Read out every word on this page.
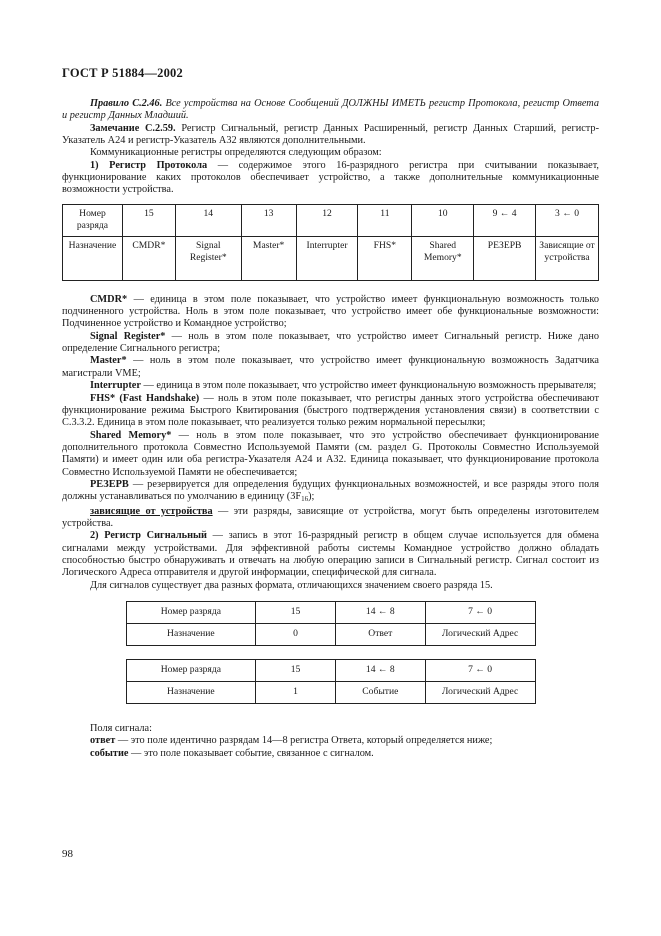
ГОСТ Р 51884—2002

Правило С.2.46. Все устройства на Основе Сообщений ДОЛЖНЫ ИМЕТЬ регистр Протокола, регистр Ответа и регистр Данных Младший.

Замечание С.2.59. Регистр Сигнальный, регистр Данных Расширенный, регистр Данных Старший, регистр-Указатель А24 и регистр-Указатель А32 являются дополнительными.

Коммуникационные регистры определяются следующим образом:

1) Регистр Протокола — содержимое этого 16-разрядного регистра при считывании показывает, функционирование каких протоколов обеспечивает устройство, а также дополнительные коммуникационные возможности устройства.

Номер разряда	15	14	13	12	11	10	9 ← 4	3 ← 0
Назначение	CMDR*	Signal Register*	Master*	Interrupter	FHS*	Shared Memory*	РЕЗЕРВ	Зависящие от устройства

CMDR* — единица в этом поле показывает, что устройство имеет функциональную возможность только подчиненного устройства. Ноль в этом поле показывает, что устройство имеет обе функциональные возможности: Подчиненное устройство и Командное устройство;

Signal Register* — ноль в этом поле показывает, что устройство имеет Сигнальный регистр. Ниже дано определение Сигнального регистра;

Master* — ноль в этом поле показывает, что устройство имеет функциональную возможность Задатчика магистрали VME;

Interrupter — единица в этом поле показывает, что устройство имеет функциональную возможность прерывателя;

FHS* (Fast Handshake) — ноль в этом поле показывает, что регистры данных этого устройства обеспечивают функционирование режима Быстрого Квитирования (быстрого подтверждения установления связи) в соответствии с С.3.3.2. Единица в этом поле показывает, что реализуется только режим нормальной пересылки;

Shared Memory* — ноль в этом поле показывает, что это устройство обеспечивает функционирование дополнительного протокола Совместно Используемой Памяти (см. раздел G. Протоколы Совместно Используемой Памяти) и имеет один или оба регистра-Указателя А24 и А32. Единица показывает, что функционирование протокола Совместно Используемой Памяти не обеспечивается;

РЕЗЕРВ — резервируется для определения будущих функциональных возможностей, и все разряды этого поля должны устанавливаться по умолчанию в единицу $(3F_{16})$;

зависящие от устройства — эти разряды, зависящие от устройства, могут быть определены изготовителем устройства.

2) Регистр Сигнальный — запись в этот 16-разрядный регистр в общем случае используется для обмена сигналами между устройствами. Для эффективной работы системы Командное устройство должно обладать способностью быстро обнаруживать и отвечать на любую операцию записи в Сигнальный регистр. Сигнал состоит из Логического Адреса отправителя и другой информации, специфической для сигнала.

Для сигналов существует два разных формата, отличающихся значением своего разряда 15.

Номер разряда	15	14 ← 8	7 ← 0
Назначение	0	Ответ	Логический Адрес
Номер разряда	15	14 ← 8	7 ← 0
Назначение	1	Событие	Логический Адрес

Поля сигнала:

ответ — это поле идентично разрядам 14—8 регистра Ответа, который определяется ниже;

событие — это поле показывает событие, связанное с сигналом.

98
